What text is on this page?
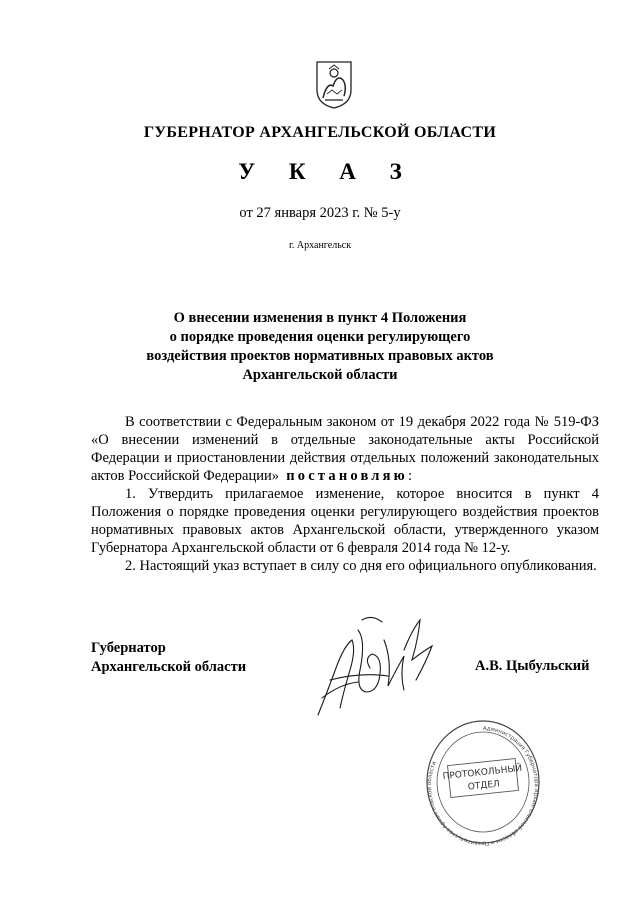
ГУБЕРНАТОР АРХАНГЕЛЬСКОЙ ОБЛАСТИ
У К А З
от 27 января 2023 г. № 5-у
г. Архангельск
О внесении изменения в пункт 4 Положения
о порядке проведения оценки регулирующего
воздействия проектов нормативных правовых актов
Архангельской области

В соответствии с Федеральным законом от 19 декабря 2022 года № 519-ФЗ «О внесении изменений в отдельные законодательные акты Российской Федерации и приостановлении действия отдельных положений законодательных актов Российской Федерации» постановляю:

1. Утвердить прилагаемое изменение, которое вносится в пункт 4 Положения о порядке проведения оценки регулирующего воздействия проектов нормативных правовых актов Архангельской области, утвержденного указом Губернатора Архангельской области от 6 февраля 2014 года № 12-у.

2. Настоящий указ вступает в силу со дня его официального опубликования.

Губернатор
Архангельской области	А.В. Цыбульский
Администрация Губернатора Архангельской области и Правительства Архангельской области
ПРОТОКОЛЬНЫЙ
ОТДЕЛ
